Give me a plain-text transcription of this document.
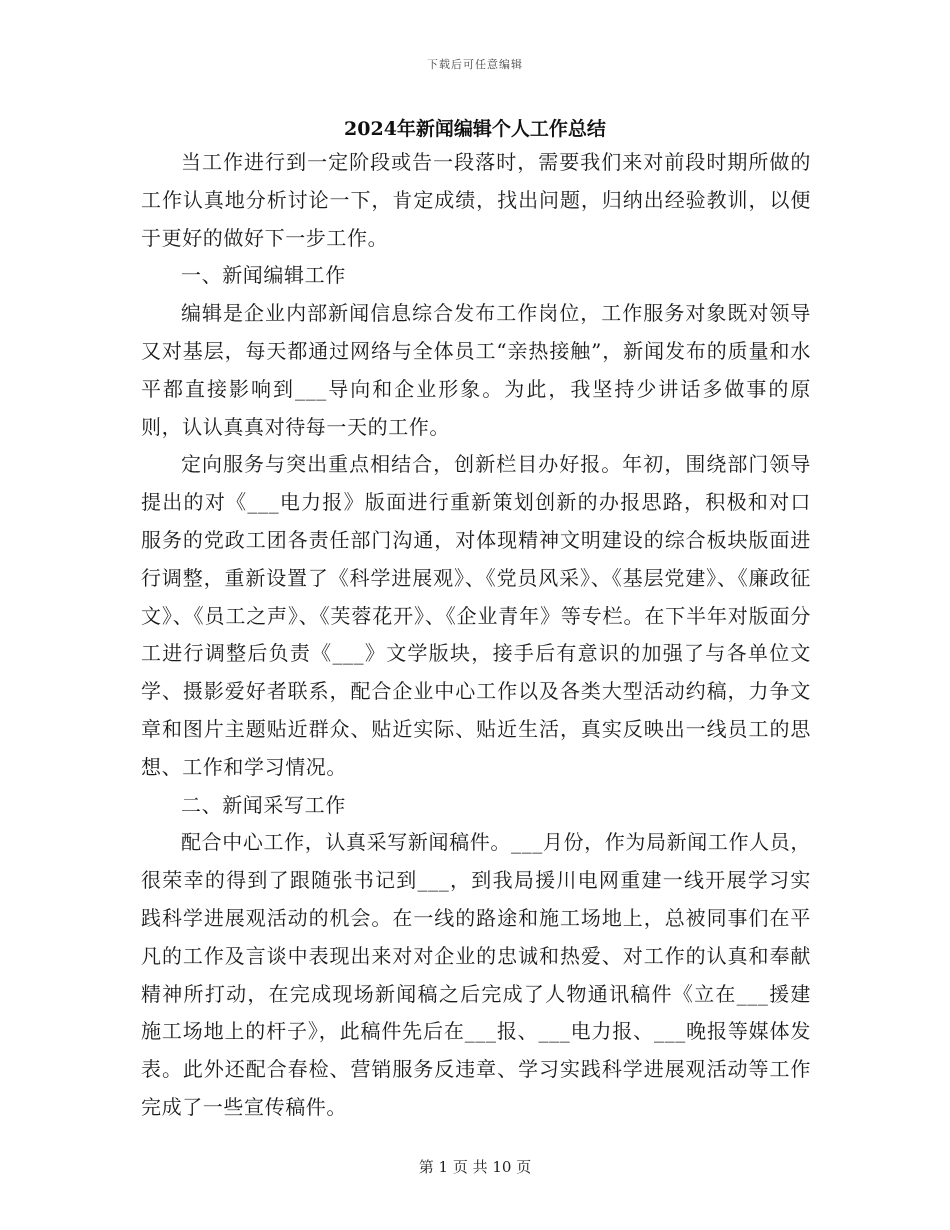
下载后可任意编辑
2024年新闻编辑个人工作总结

当工作进行到一定阶段或告一段落时，需要我们来对前段时期所做的工作认真地分析讨论一下，肯定成绩，找出问题，归纳出经验教训，以便于更好的做好下一步工作。

一、新闻编辑工作

编辑是企业内部新闻信息综合发布工作岗位，工作服务对象既对领导又对基层，每天都通过网络与全体员工“亲热接触”，新闻发布的质量和水平都直接影响到___导向和企业形象。为此，我坚持少讲话多做事的原则，认认真真对待每一天的工作。

定向服务与突出重点相结合，创新栏目办好报。年初，围绕部门领导提出的对《___电力报》版面进行重新策划创新的办报思路，积极和对口服务的党政工团各责任部门沟通，对体现精神文明建设的综合板块版面进行调整，重新设置了《科学进展观》、《党员风采》、《基层党建》、《廉政征文》、《员工之声》、《芙蓉花开》、《企业青年》等专栏。在下半年对版面分工进行调整后负责《___》文学版块，接手后有意识的加强了与各单位文学、摄影爱好者联系，配合企业中心工作以及各类大型活动约稿，力争文章和图片主题贴近群众、贴近实际、贴近生活，真实反映出一线员工的思想、工作和学习情况。

二、新闻采写工作

配合中心工作，认真采写新闻稿件。___月份，作为局新闻工作人员，很荣幸的得到了跟随张书记到___，到我局援川电网重建一线开展学习实践科学进展观活动的机会。在一线的路途和施工场地上，总被同事们在平凡的工作及言谈中表现出来对对企业的忠诚和热爱、对工作的认真和奉献精神所打动，在完成现场新闻稿之后完成了人物通讯稿件《立在___援建施工场地上的杆子》，此稿件先后在___报、___电力报、___晚报等媒体发表。此外还配合春检、营销服务反违章、学习实践科学进展观活动等工作完成了一些宣传稿件。

第 1 页 共 10 页
